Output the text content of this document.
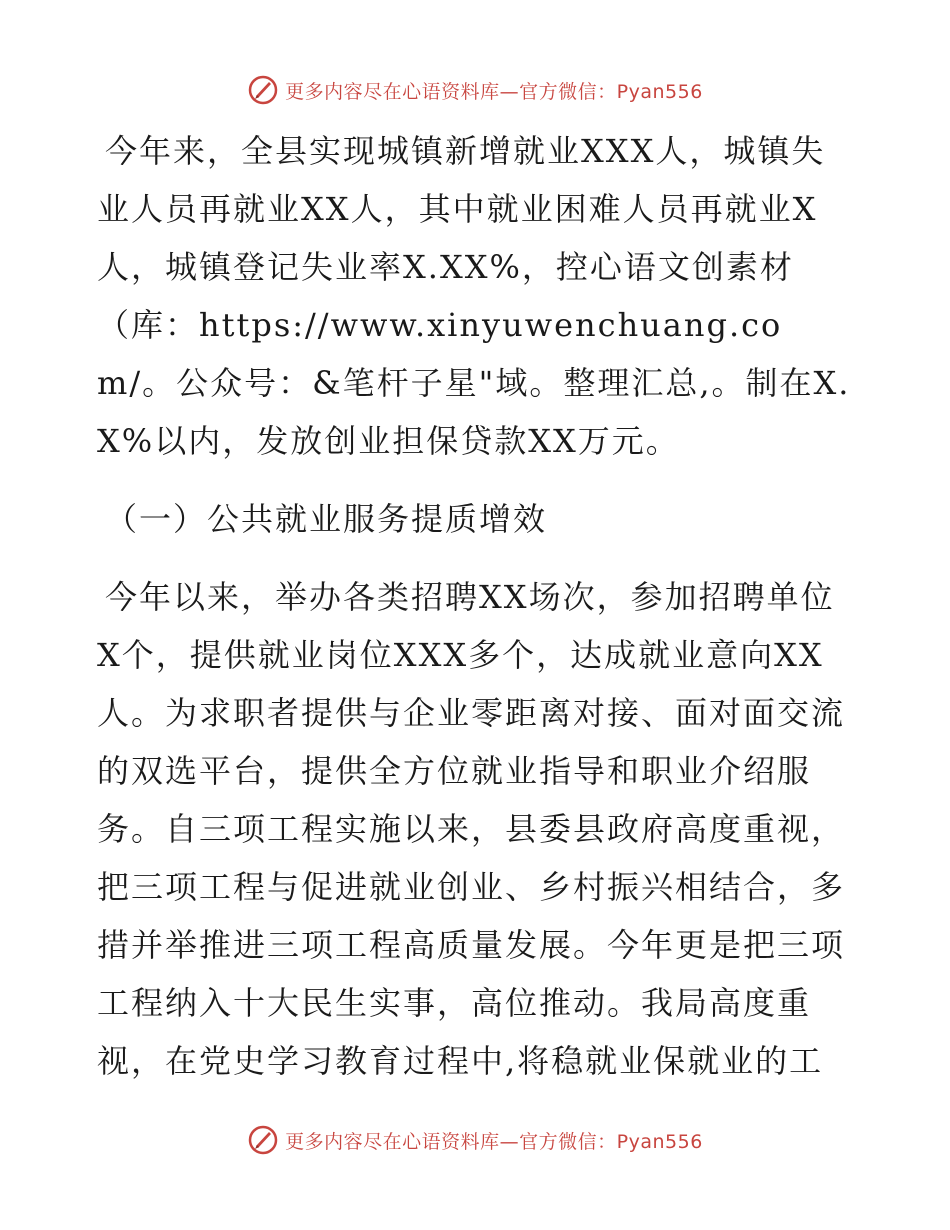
更多内容尽在心语资料库—官方微信：Pyan556

今年来，全县实现城镇新增就业XXX人，城镇失业人员再就业XX人，其中就业困难人员再就业X人，城镇登记失业率X.XX%，控心语文创素材（库：https://www.xinyuwenchuang.com/。公众号：&笔杆子星"域。整理汇总,。制在X.X%以内，发放创业担保贷款XX万元。

（一）公共就业服务提质增效

今年以来，举办各类招聘XX场次，参加招聘单位X个，提供就业岗位XXX多个，达成就业意向XX人。为求职者提供与企业零距离对接、面对面交流的双选平台，提供全方位就业指导和职业介绍服务。自三项工程实施以来，县委县政府高度重视，把三项工程与促进就业创业、乡村振兴相结合，多措并举推进三项工程高质量发展。今年更是把三项工程纳入十大民生实事，高位推动。我局高度重视，在党史学习教育过程中,将稳就业保就业的工

更多内容尽在心语资料库—官方微信：Pyan556
